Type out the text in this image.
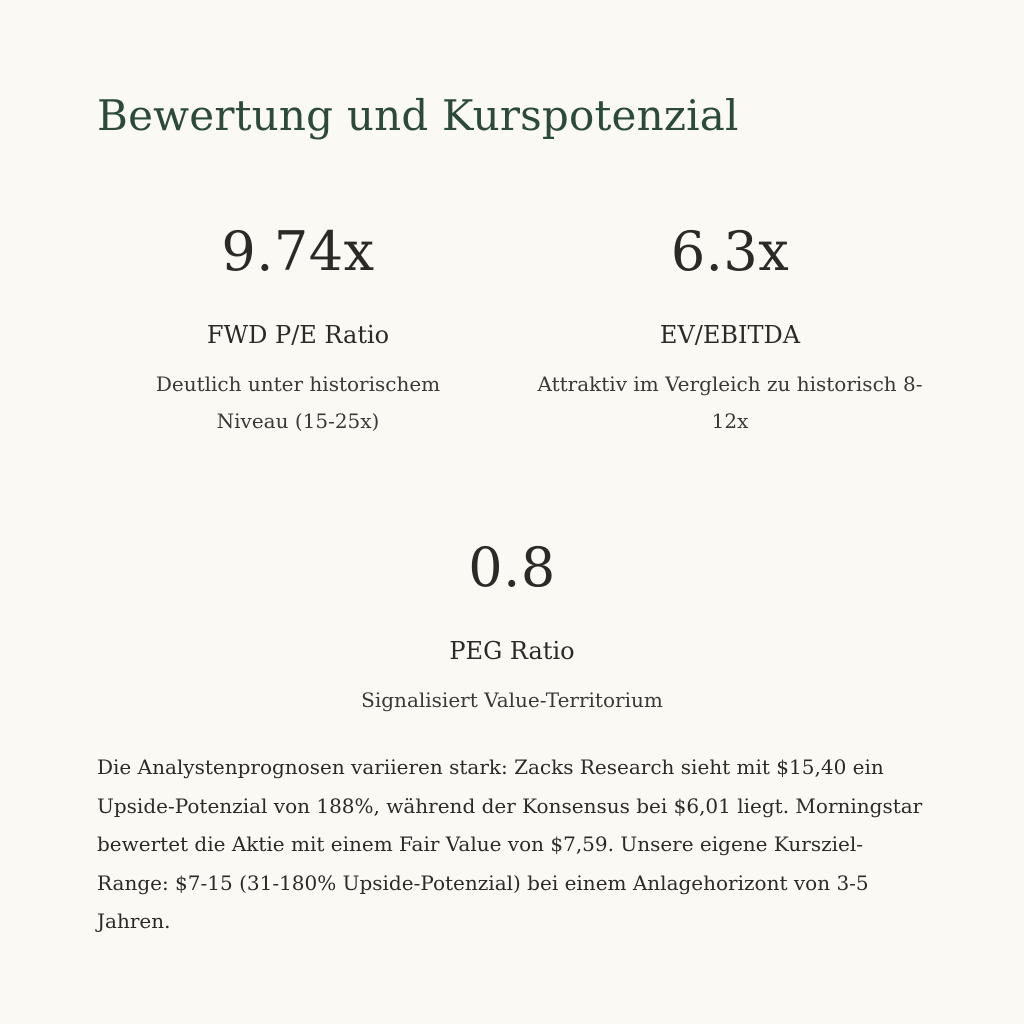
Bewertung und Kurspotenzial
9.74x
FWD P/E Ratio
Deutlich unter historischem Niveau (15-25x)
6.3x
EV/EBITDA
Attraktiv im Vergleich zu historisch 8-12x
0.8
PEG Ratio
Signalisiert Value-Territorium

Die Analystenprognosen variieren stark: Zacks Research sieht mit $15,40 ein Upside-Potenzial von 188%, während der Konsensus bei $6,01 liegt. Morningstar bewertet die Aktie mit einem Fair Value von $7,59. Unsere eigene Kursziel-Range: $7-15 (31-180% Upside-Potenzial) bei einem Anlagehorizont von 3-5 Jahren.
